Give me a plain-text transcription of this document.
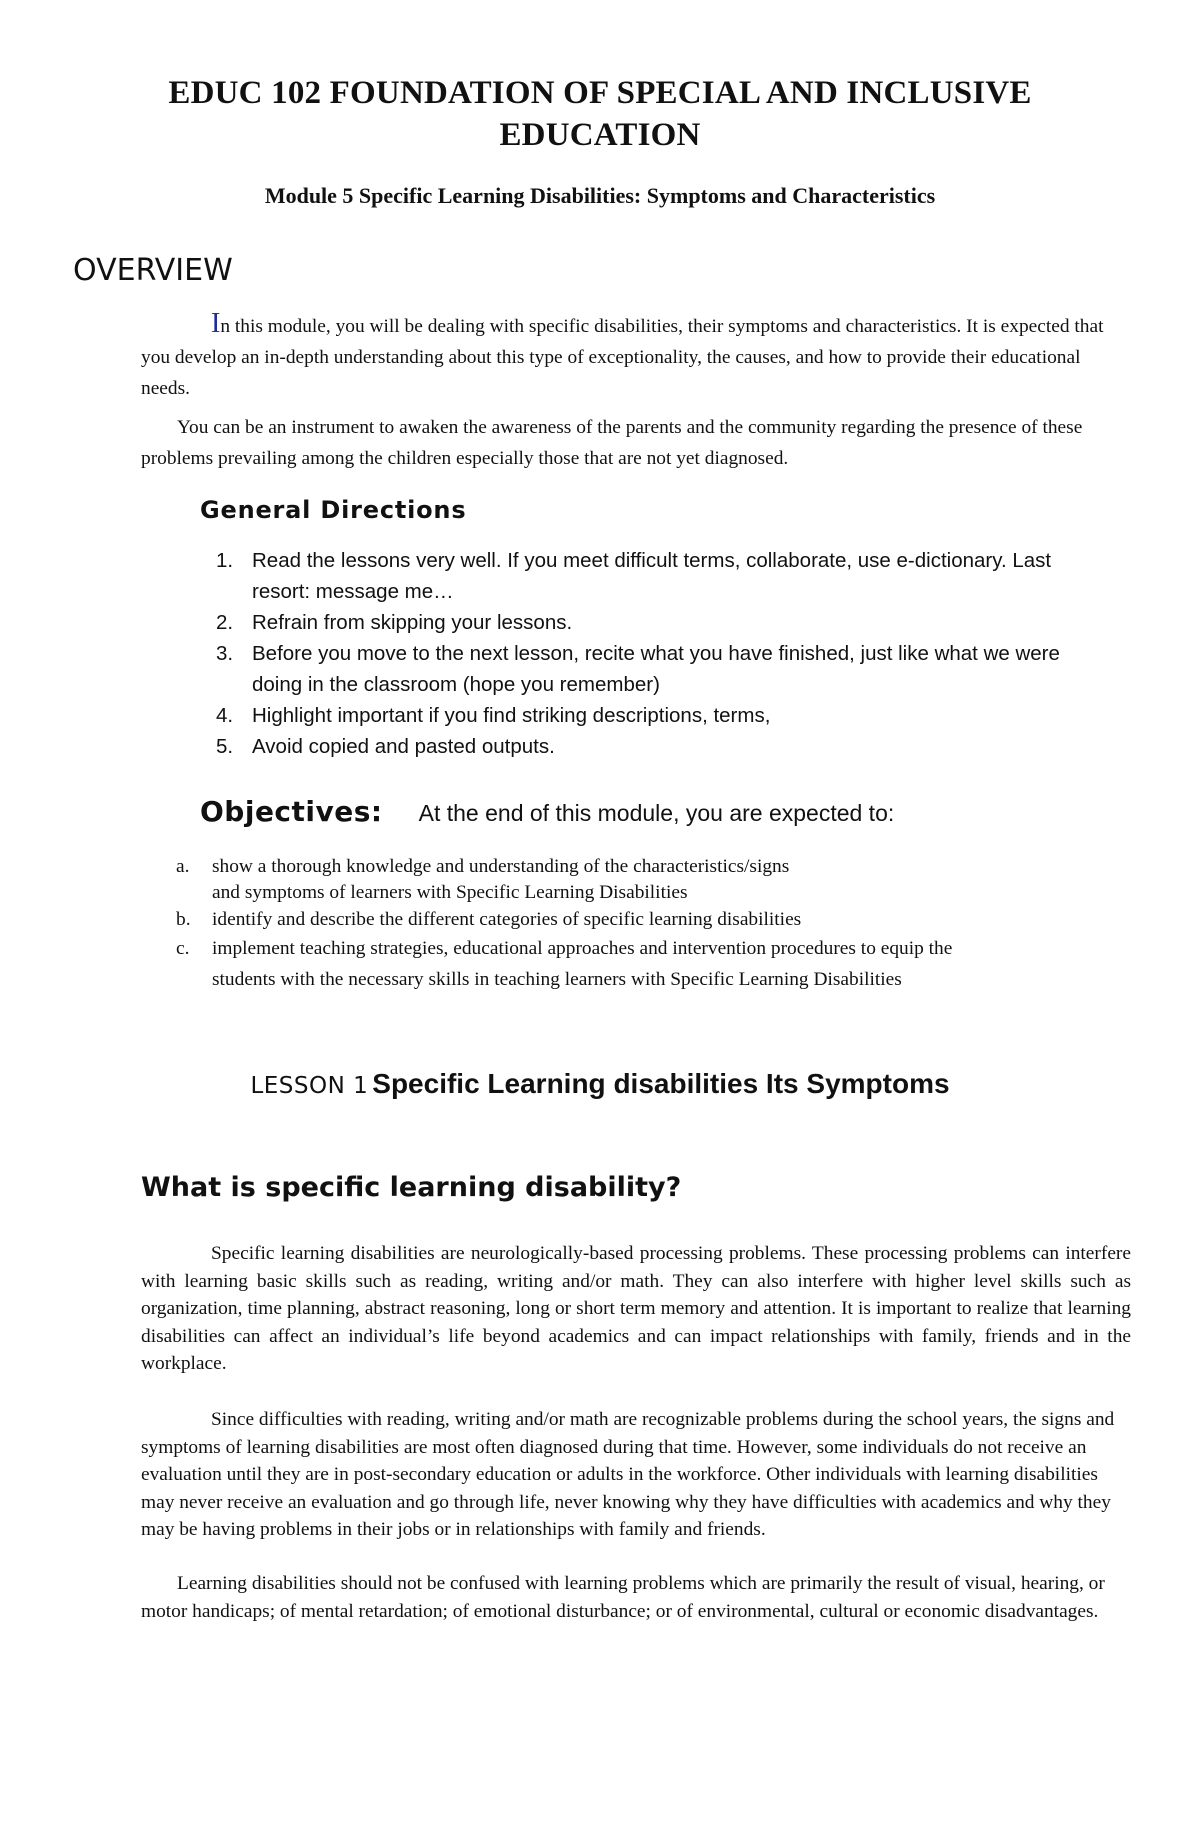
EDUC 102 FOUNDATION OF SPECIAL AND INCLUSIVE EDUCATION
Module 5 Specific Learning Disabilities: Symptoms and Characteristics
OVERVIEW

In this module, you will be dealing with specific disabilities, their symptoms and characteristics. It is expected that you develop an in-depth understanding about this type of exceptionality, the causes, and how to provide their educational needs.

You can be an instrument to awaken the awareness of the parents and the community regarding the presence of these problems prevailing among the children especially those that are not yet diagnosed.

General Directions
1. Read the lessons very well. If you meet difficult terms, collaborate, use e-dictionary. Last resort: message me…
2. Refrain from skipping your lessons.
3. Before you move to the next lesson, recite what you have finished, just like what we were doing in the classroom (hope you remember)
4. Highlight important if you find striking descriptions, terms,
5. Avoid copied and pasted outputs.
Objectives: At the end of this module, you are expected to:
a. show a thorough knowledge and understanding of the characteristics/signs
and symptoms of learners with Specific Learning Disabilities
b. identify and describe the different categories of specific learning disabilities
c. implement teaching strategies, educational approaches and intervention procedures to equip the
students with the necessary skills in teaching learners with Specific Learning Disabilities
LESSON 1 Specific Learning disabilities Its Symptoms
What is specific learning disability?

Specific learning disabilities are neurologically-based processing problems. These processing problems can interfere with learning basic skills such as reading, writing and/or math. They can also interfere with higher level skills such as organization, time planning, abstract reasoning, long or short term memory and attention. It is important to realize that learning disabilities can affect an individual’s life beyond academics and can impact relationships with family, friends and in the workplace.

Since difficulties with reading, writing and/or math are recognizable problems during the school years, the signs and symptoms of learning disabilities are most often diagnosed during that time. However, some individuals do not receive an evaluation until they are in post-secondary education or adults in the workforce. Other individuals with learning disabilities may never receive an evaluation and go through life, never knowing why they have difficulties with academics and why they may be having problems in their jobs or in relationships with family and friends.

Learning disabilities should not be confused with learning problems which are primarily the result of visual, hearing, or motor handicaps; of mental retardation; of emotional disturbance; or of environmental, cultural or economic disadvantages.
